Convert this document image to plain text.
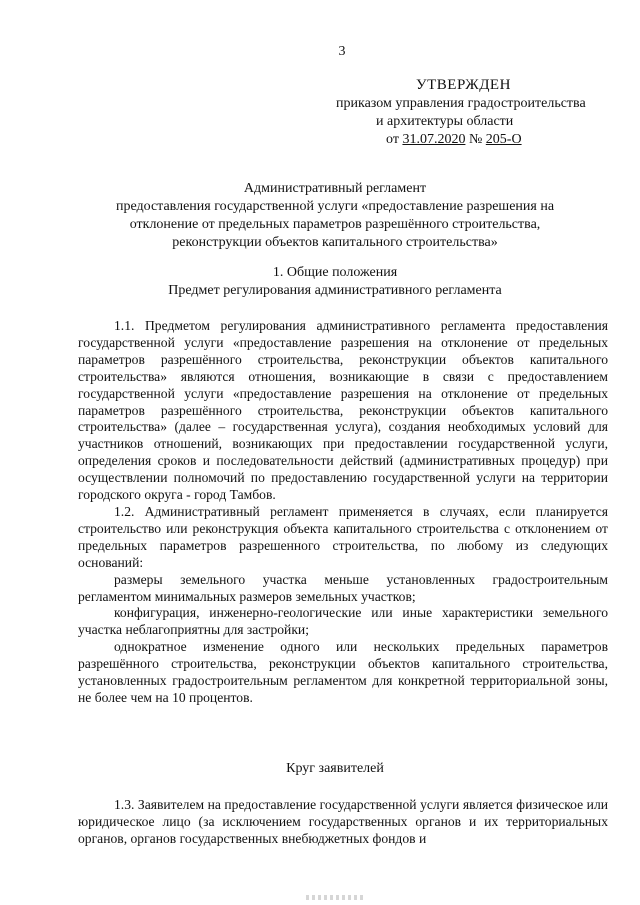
3
УТВЕРЖДЕН
приказом управления градостроительства
и архитектуры области
от 31.07.2020 № 205-О
Административный регламент
предоставления государственной услуги «предоставление разрешения на
отклонение от предельных параметров разрешённого строительства,
реконструкции объектов капитального строительства»
1. Общие положения
Предмет регулирования административного регламента

1.1. Предметом регулирования административного регламента предоставления государственной услуги «предоставление разрешения на отклонение от предельных параметров разрешённого строительства, реконструкции объектов капитального строительства» являются отношения, возникающие в связи с предоставлением государственной услуги «предоставление разрешения на отклонение от предельных параметров разрешённого строительства, реконструкции объектов капитального строительства» (далее – государственная услуга), создания необходимых условий для участников отношений, возникающих при предоставлении государственной услуги, определения сроков и последовательности действий (административных процедур) при осуществлении полномочий по предоставлению государственной услуги на территории городского округа - город Тамбов.

1.2. Административный регламент применяется в случаях, если планируется строительство или реконструкция объекта капитального строительства с отклонением от предельных параметров разрешенного строительства, по любому из следующих оснований:

размеры земельного участка меньше установленных градостроительным регламентом минимальных размеров земельных участков;

конфигурация, инженерно-геологические или иные характеристики земельного участка неблагоприятны для застройки;

однократное изменение одного или нескольких предельных параметров разрешённого строительства, реконструкции объектов капитального строительства, установленных градостроительным регламентом для конкретной территориальной зоны, не более чем на 10 процентов.

Круг заявителей

1.3. Заявителем на предоставление государственной услуги является физическое или юридическое лицо (за исключением государственных органов и их территориальных органов, органов государственных внебюджетных фондов и
